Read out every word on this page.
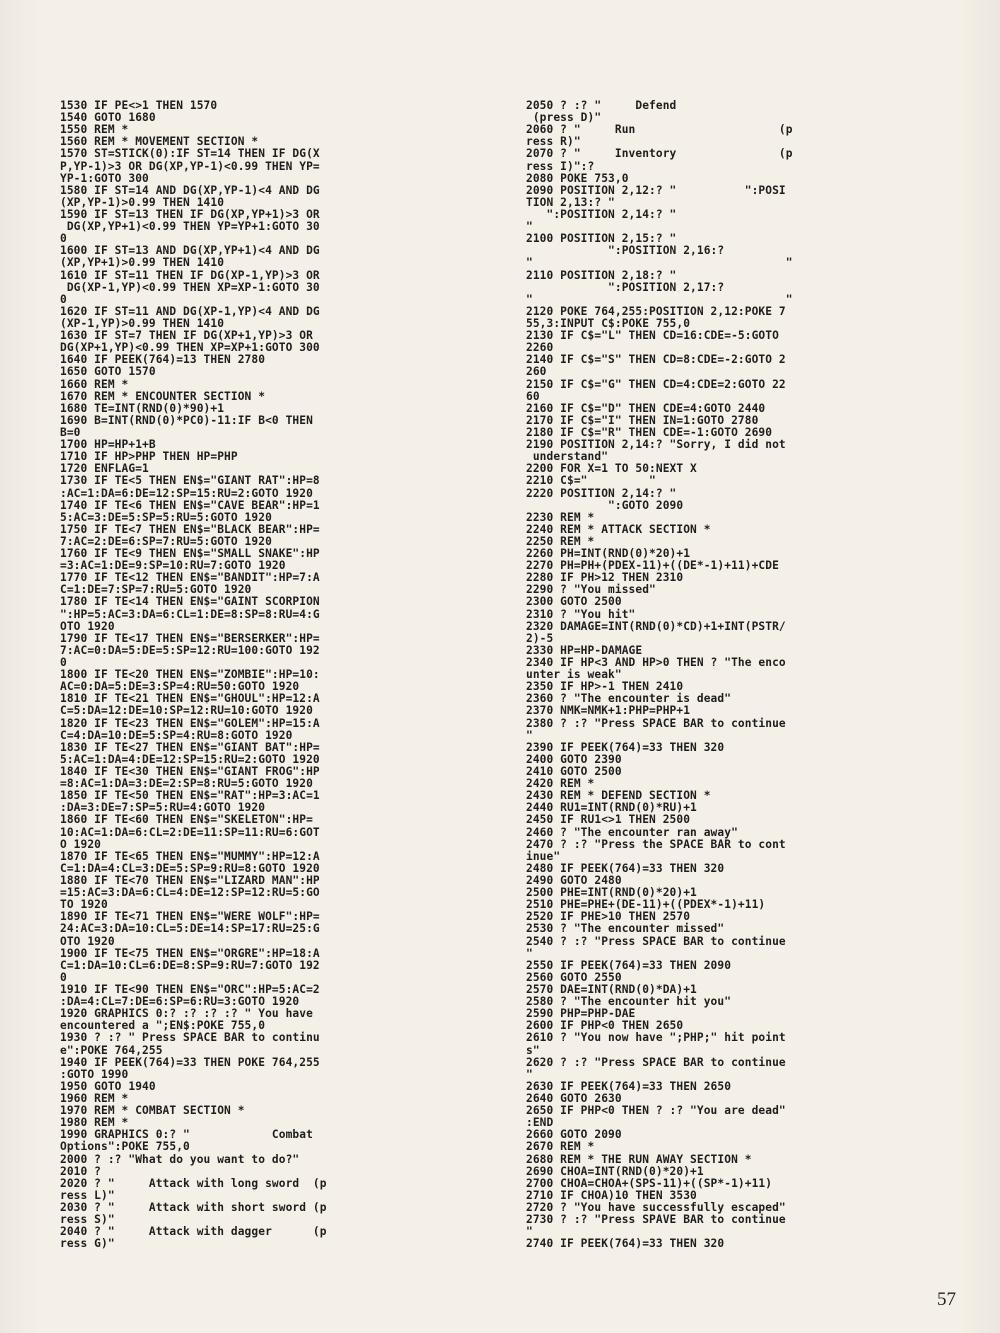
1530 IF PE<>1 THEN 1570
1540 GOTO 1680
1550 REM *
1560 REM * MOVEMENT SECTION *
1570 ST=STICK(0):IF ST=14 THEN IF DG(X
P,YP-1)>3 OR DG(XP,YP-1)<0.99 THEN YP=
YP-1:GOTO 300
1580 IF ST=14 AND DG(XP,YP-1)<4 AND DG
(XP,YP-1)>0.99 THEN 1410
1590 IF ST=13 THEN IF DG(XP,YP+1)>3 OR
DG(XP,YP+1)<0.99 THEN YP=YP+1:GOTO 30
0
1600 IF ST=13 AND DG(XP,YP+1)<4 AND DG
(XP,YP+1)>0.99 THEN 1410
1610 IF ST=11 THEN IF DG(XP-1,YP)>3 OR
DG(XP-1,YP)<0.99 THEN XP=XP-1:GOTO 30
0
1620 IF ST=11 AND DG(XP-1,YP)<4 AND DG
(XP-1,YP)>0.99 THEN 1410
1630 IF ST=7 THEN IF DG(XP+1,YP)>3 OR
DG(XP+1,YP)<0.99 THEN XP=XP+1:GOTO 300
1640 IF PEEK(764)=13 THEN 2780
1650 GOTO 1570
1660 REM *
1670 REM * ENCOUNTER SECTION *
1680 TE=INT(RND(0)*90)+1
1690 B=INT(RND(0)*PC0)-11:IF B<0 THEN
B=0
1700 HP=HP+1+B
1710 IF HP>PHP THEN HP=PHP
1720 ENFLAG=1
1730 IF TE<5 THEN EN$="GIANT RAT":HP=8
:AC=1:DA=6:DE=12:SP=15:RU=2:GOTO 1920
1740 IF TE<6 THEN EN$="CAVE BEAR":HP=1
5:AC=3:DE=5:SP=5:RU=5:GOTO 1920
1750 IF TE<7 THEN EN$="BLACK BEAR":HP=
7:AC=2:DE=6:SP=7:RU=5:GOTO 1920
1760 IF TE<9 THEN EN$="SMALL SNAKE":HP
=3:AC=1:DE=9:SP=10:RU=7:GOTO 1920
1770 IF TE<12 THEN EN$="BANDIT":HP=7:A
C=1:DE=7:SP=7:RU=5:GOTO 1920
1780 IF TE<14 THEN EN$="GAINT SCORPION
":HP=5:AC=3:DA=6:CL=1:DE=8:SP=8:RU=4:G
OTO 1920
1790 IF TE<17 THEN EN$="BERSERKER":HP=
7:AC=0:DA=5:DE=5:SP=12:RU=100:GOTO 192
0
1800 IF TE<20 THEN EN$="ZOMBIE":HP=10:
AC=0:DA=5:DE=3:SP=4:RU=50:GOTO 1920
1810 IF TE<21 THEN EN$="GHOUL":HP=12:A
C=5:DA=12:DE=10:SP=12:RU=10:GOTO 1920
1820 IF TE<23 THEN EN$="GOLEM":HP=15:A
C=4:DA=10:DE=5:SP=4:RU=8:GOTO 1920
1830 IF TE<27 THEN EN$="GIANT BAT":HP=
5:AC=1:DA=4:DE=12:SP=15:RU=2:GOTO 1920
1840 IF TE<30 THEN EN$="GIANT FROG":HP
=8:AC=1:DA=3:DE=2:SP=8:RU=5:GOTO 1920
1850 IF TE<50 THEN EN$="RAT":HP=3:AC=1
:DA=3:DE=7:SP=5:RU=4:GOTO 1920
1860 IF TE<60 THEN EN$="SKELETON":HP=
10:AC=1:DA=6:CL=2:DE=11:SP=11:RU=6:GOT
O 1920
1870 IF TE<65 THEN EN$="MUMMY":HP=12:A
C=1:DA=4:CL=3:DE=5:SP=9:RU=8:GOTO 1920
1880 IF TE<70 THEN EN$="LIZARD MAN":HP
=15:AC=3:DA=6:CL=4:DE=12:SP=12:RU=5:GO
TO 1920
1890 IF TE<71 THEN EN$="WERE WOLF":HP=
24:AC=3:DA=10:CL=5:DE=14:SP=17:RU=25:G
OTO 1920
1900 IF TE<75 THEN EN$="ORGRE":HP=18:A
C=1:DA=10:CL=6:DE=8:SP=9:RU=7:GOTO 192
0
1910 IF TE<90 THEN EN$="ORC":HP=5:AC=2
:DA=4:CL=7:DE=6:SP=6:RU=3:GOTO 1920
1920 GRAPHICS 0:? :? :? :? " You have
encountered a ";EN$:POKE 755,0
1930 ? :? " Press SPACE BAR to continu
e":POKE 764,255
1940 IF PEEK(764)=33 THEN POKE 764,255
:GOTO 1990
1950 GOTO 1940
1960 REM *
1970 REM * COMBAT SECTION *
1980 REM *
1990 GRAPHICS 0:? "            Combat
Options":POKE 755,0
2000 ? :? "What do you want to do?"
2010 ?
2020 ? "     Attack with long sword  (p
ress L)"
2030 ? "     Attack with short sword (p
ress S)"
2040 ? "     Attack with dagger      (p
ress G)"
2050 ? :? "     Defend
(press D)"
2060 ? "     Run                     (p
ress R)"
2070 ? "     Inventory               (p
ress I)":?
2080 POKE 753,0
2090 POSITION 2,12:? "          ":POSI
TION 2,13:? "
":POSITION 2,14:? "
"
2100 POSITION 2,15:? "
":POSITION 2,16:?
"                                     "
2110 POSITION 2,18:? "
":POSITION 2,17:?
"                                     "
2120 POKE 764,255:POSITION 2,12:POKE 7
55,3:INPUT C$:POKE 755,0
2130 IF C$="L" THEN CD=16:CDE=-5:GOTO
2260
2140 IF C$="S" THEN CD=8:CDE=-2:GOTO 2
260
2150 IF C$="G" THEN CD=4:CDE=2:GOTO 22
60
2160 IF C$="D" THEN CDE=4:GOTO 2440
2170 IF C$="I" THEN IN=1:GOTO 2780
2180 IF C$="R" THEN CDE=-1:GOTO 2690
2190 POSITION 2,14:? "Sorry, I did not
understand"
2200 FOR X=1 TO 50:NEXT X
2210 C$="         "
2220 POSITION 2,14:? "
":GOTO 2090
2230 REM *
2240 REM * ATTACK SECTION *
2250 REM *
2260 PH=INT(RND(0)*20)+1
2270 PH=PH+(PDEX-11)+((DE*-1)+11)+CDE
2280 IF PH>12 THEN 2310
2290 ? "You missed"
2300 GOTO 2500
2310 ? "You hit"
2320 DAMAGE=INT(RND(0)*CD)+1+INT(PSTR/
2)-5
2330 HP=HP-DAMAGE
2340 IF HP<3 AND HP>0 THEN ? "The enco
unter is weak"
2350 IF HP>-1 THEN 2410
2360 ? "The encounter is dead"
2370 NMK=NMK+1:PHP=PHP+1
2380 ? :? "Press SPACE BAR to continue
"
2390 IF PEEK(764)=33 THEN 320
2400 GOTO 2390
2410 GOTO 2500
2420 REM *
2430 REM * DEFEND SECTION *
2440 RU1=INT(RND(0)*RU)+1
2450 IF RU1<>1 THEN 2500
2460 ? "The encounter ran away"
2470 ? :? "Press the SPACE BAR to cont
inue"
2480 IF PEEK(764)=33 THEN 320
2490 GOTO 2480
2500 PHE=INT(RND(0)*20)+1
2510 PHE=PHE+(DE-11)+((PDEX*-1)+11)
2520 IF PHE>10 THEN 2570
2530 ? "The encounter missed"
2540 ? :? "Press SPACE BAR to continue
"
2550 IF PEEK(764)=33 THEN 2090
2560 GOTO 2550
2570 DAE=INT(RND(0)*DA)+1
2580 ? "The encounter hit you"
2590 PHP=PHP-DAE
2600 IF PHP<0 THEN 2650
2610 ? "You now have ";PHP;" hit point
s"
2620 ? :? "Press SPACE BAR to continue
"
2630 IF PEEK(764)=33 THEN 2650
2640 GOTO 2630
2650 IF PHP<0 THEN ? :? "You are dead"
:END
2660 GOTO 2090
2670 REM *
2680 REM * THE RUN AWAY SECTION *
2690 CHOA=INT(RND(0)*20)+1
2700 CHOA=CHOA+(SPS-11)+((SP*-1)+11)
2710 IF CHOA)10 THEN 3530
2720 ? "You have successfully escaped"
2730 ? :? "Press SPAVE BAR to continue
"
2740 IF PEEK(764)=33 THEN 320
57
